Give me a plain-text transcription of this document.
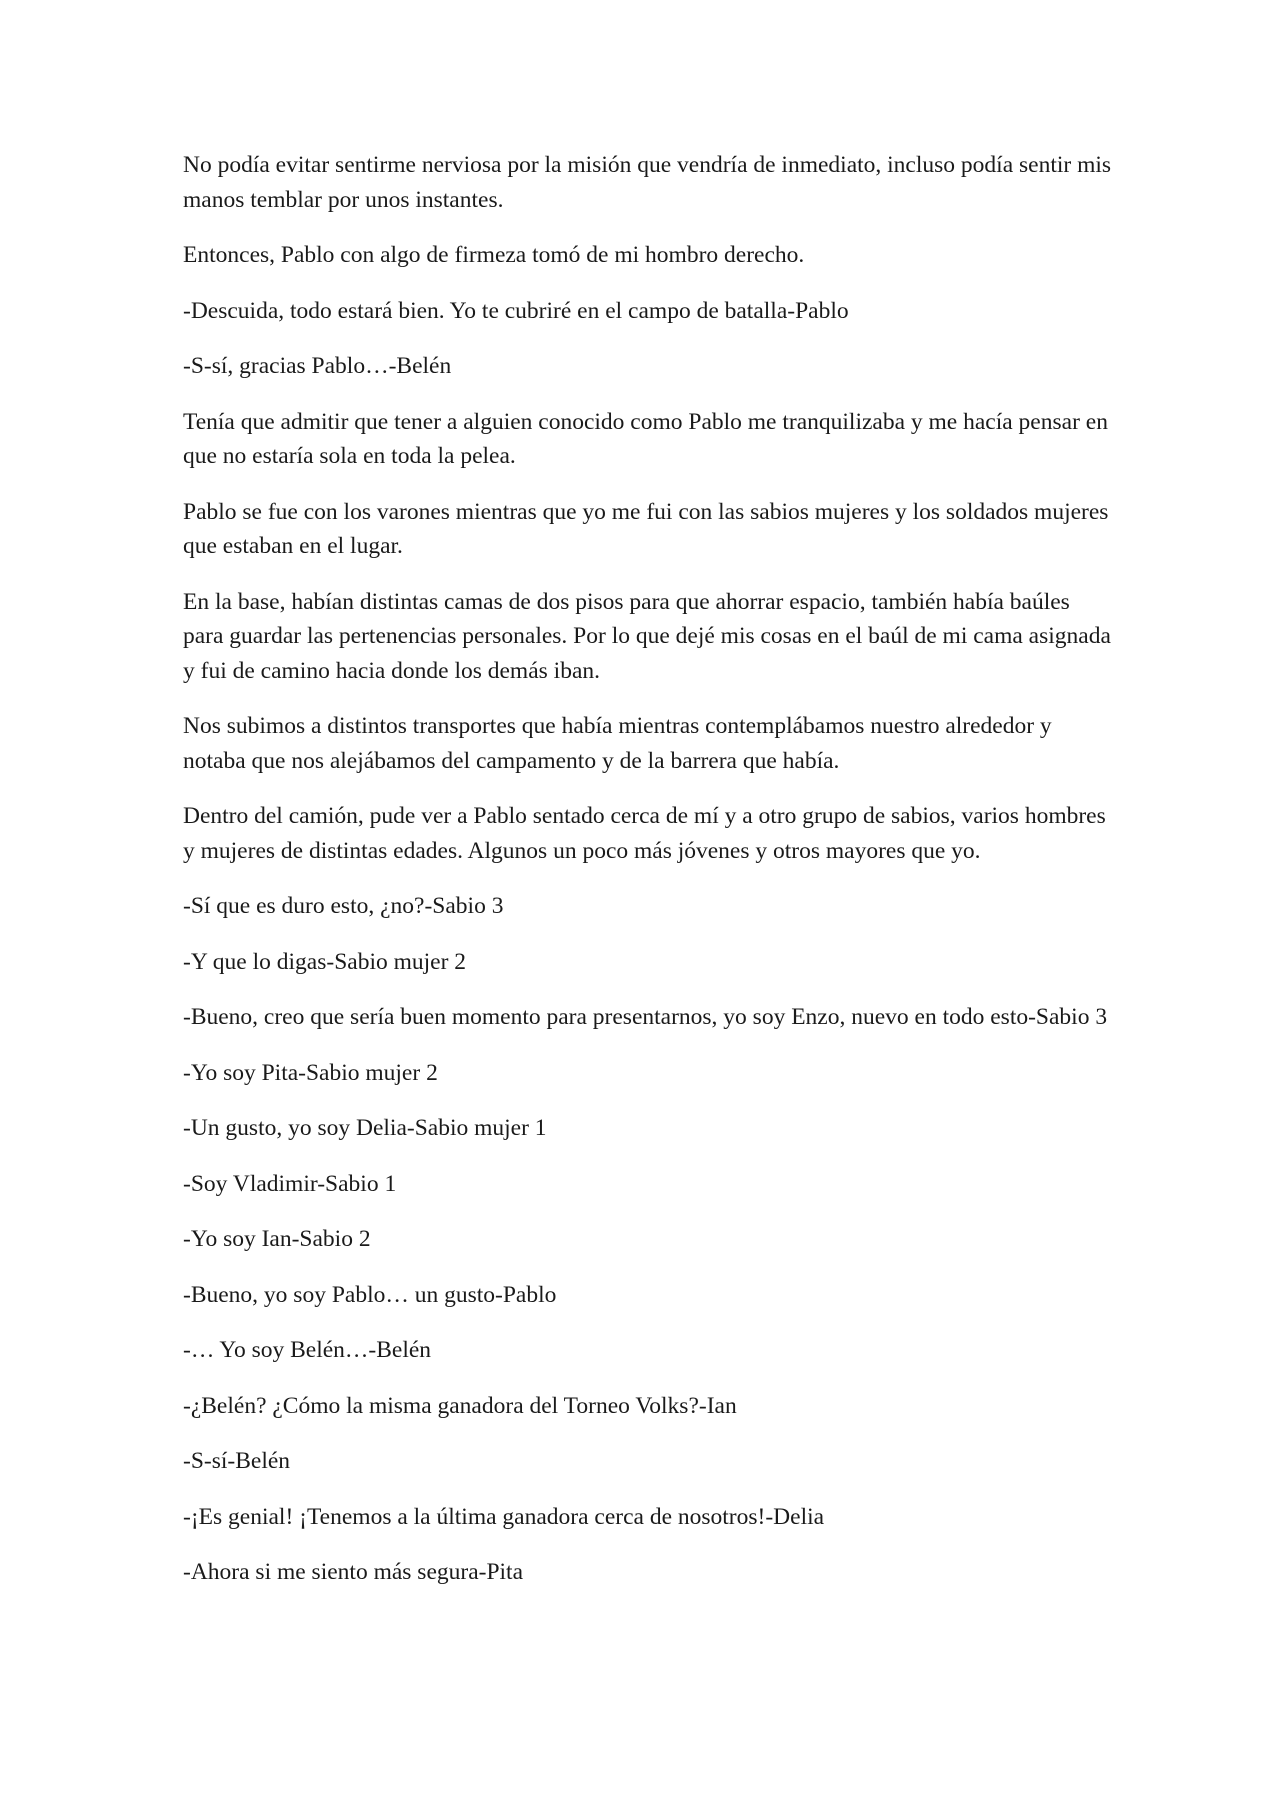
No podía evitar sentirme nerviosa por la misión que vendría de inmediato, incluso podía sentir mis manos temblar por unos instantes.

Entonces, Pablo con algo de firmeza tomó de mi hombro derecho.

-Descuida, todo estará bien. Yo te cubriré en el campo de batalla-Pablo

-S-sí, gracias Pablo…-Belén

Tenía que admitir que tener a alguien conocido como Pablo me tranquilizaba y me hacía pensar en que no estaría sola en toda la pelea.

Pablo se fue con los varones mientras que yo me fui con las sabios mujeres y los soldados mujeres que estaban en el lugar.

En la base, habían distintas camas de dos pisos para que ahorrar espacio, también había baúles para guardar las pertenencias personales. Por lo que dejé mis cosas en el baúl de mi cama asignada y fui de camino hacia donde los demás iban.

Nos subimos a distintos transportes que había mientras contemplábamos nuestro alrededor y notaba que nos alejábamos del campamento y de la barrera que había.

Dentro del camión, pude ver a Pablo sentado cerca de mí y a otro grupo de sabios, varios hombres y mujeres de distintas edades. Algunos un poco más jóvenes y otros mayores que yo.

-Sí que es duro esto, ¿no?-Sabio 3

-Y que lo digas-Sabio mujer 2

-Bueno, creo que sería buen momento para presentarnos, yo soy Enzo, nuevo en todo esto-Sabio 3

-Yo soy Pita-Sabio mujer 2

-Un gusto, yo soy Delia-Sabio mujer 1

-Soy Vladimir-Sabio 1

-Yo soy Ian-Sabio 2

-Bueno, yo soy Pablo… un gusto-Pablo

-… Yo soy Belén…-Belén

-¿Belén? ¿Cómo la misma ganadora del Torneo Volks?-Ian

-S-sí-Belén

-¡Es genial! ¡Tenemos a la última ganadora cerca de nosotros!-Delia

-Ahora si me siento más segura-Pita
